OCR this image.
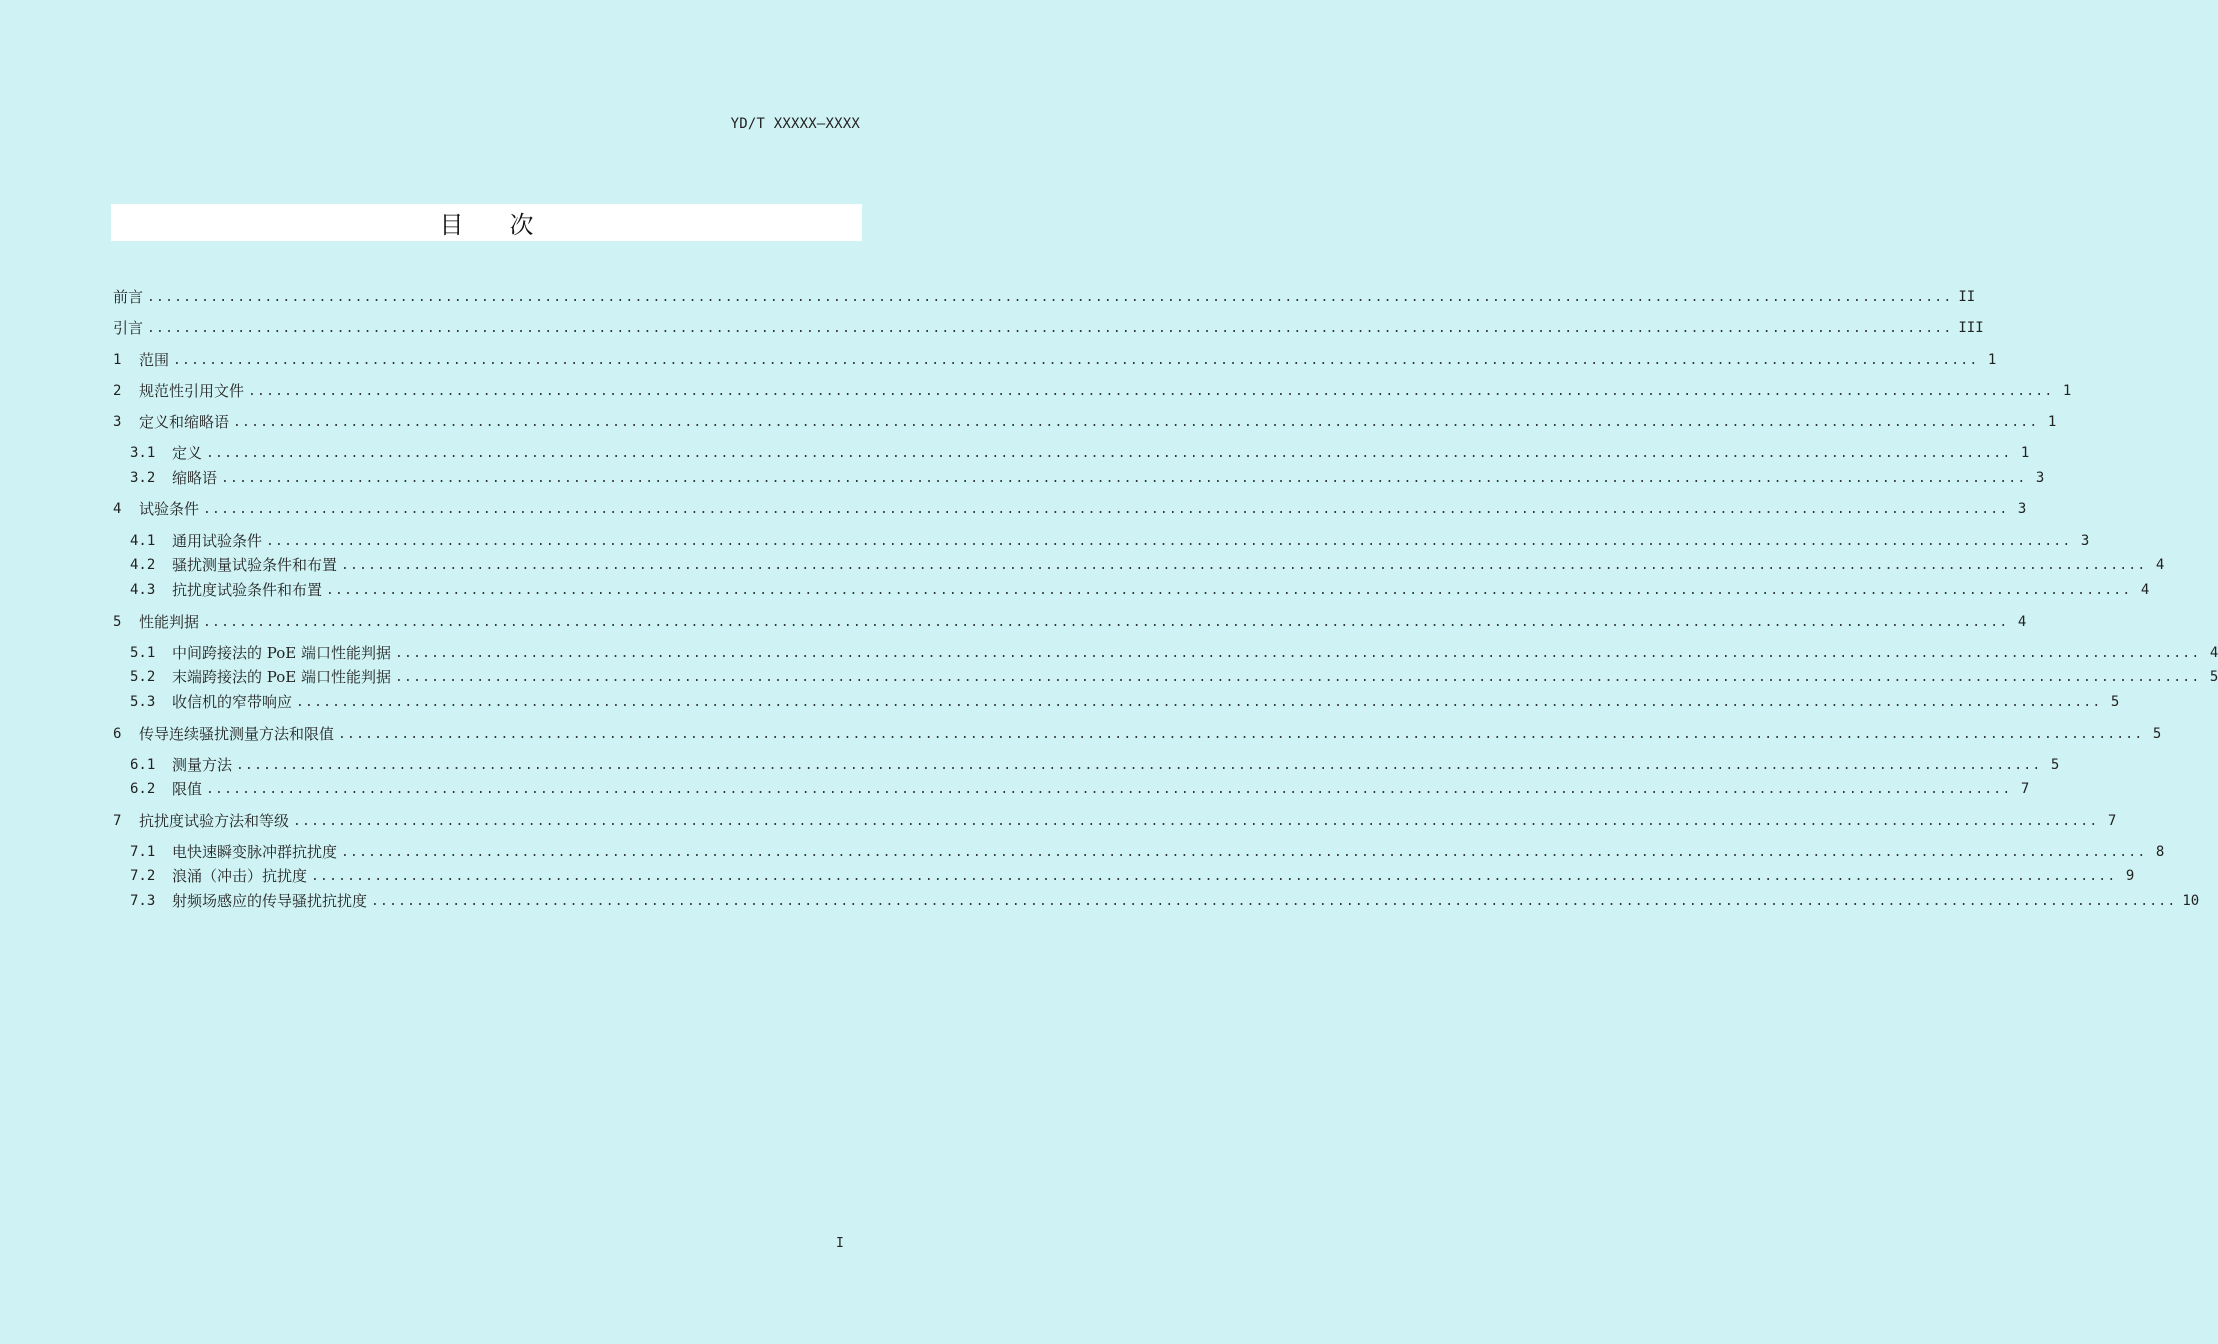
YD/T XXXXX—XXXX
目次
前言 ........................................................................................................................................................................................................ II
引言 ........................................................................................................................................................................................................ III
1	范围 ........................................................................................................................................................................................................ 1
2	规范性引用文件 ........................................................................................................................................................................................................ 1
3	定义和缩略语 ........................................................................................................................................................................................................ 1
3.1	定义 ........................................................................................................................................................................................................ 1
3.2	缩略语 ........................................................................................................................................................................................................ 3
4	试验条件 ........................................................................................................................................................................................................ 3
4.1	通用试验条件 ........................................................................................................................................................................................................ 3
4.2	骚扰测量试验条件和布置 ........................................................................................................................................................................................................ 4
4.3	抗扰度试验条件和布置 ........................................................................................................................................................................................................ 4
5	性能判据 ........................................................................................................................................................................................................ 4
5.1	中间跨接法的 PoE 端口性能判据 ........................................................................................................................................................................................................ 4
5.2	末端跨接法的 PoE 端口性能判据 ........................................................................................................................................................................................................ 5
5.3	收信机的窄带响应 ........................................................................................................................................................................................................ 5
6	传导连续骚扰测量方法和限值 ........................................................................................................................................................................................................ 5
6.1	测量方法 ........................................................................................................................................................................................................ 5
6.2	限值 ........................................................................................................................................................................................................ 7
7	抗扰度试验方法和等级 ........................................................................................................................................................................................................ 7
7.1	电快速瞬变脉冲群抗扰度 ........................................................................................................................................................................................................ 8
7.2	浪涌（冲击）抗扰度 ........................................................................................................................................................................................................ 9
7.3	射频场感应的传导骚扰抗扰度 ........................................................................................................................................................................................................ 10
I
